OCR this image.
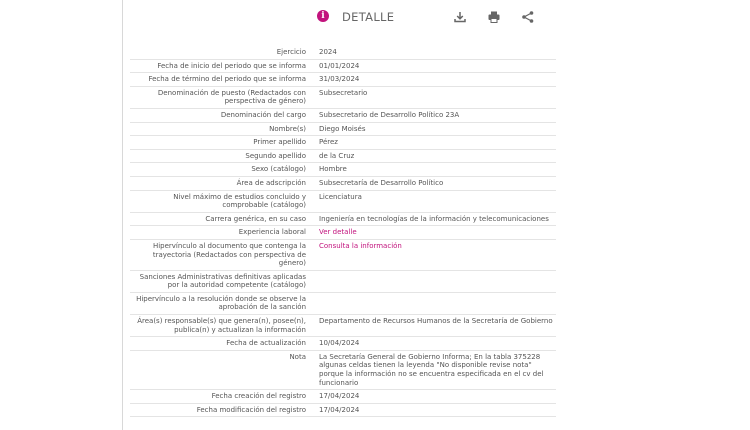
i DETALLE
Ejercicio 2024
Fecha de inicio del periodo que se informa 01/01/2024
Fecha de término del periodo que se informa 31/03/2024
Denominación de puesto (Redactados con perspectiva de género)
Subsecretario
Denominación del cargo Subsecretario de Desarrollo Político 23A
Nombre(s) Diego Moisés
Primer apellido Pérez
Segundo apellido de la Cruz
Sexo (catálogo) Hombre
Área de adscripción Subsecretaría de Desarrollo Político
Nivel máximo de estudios concluido y comprobable (catálogo)
Licenciatura
Carrera genérica, en su caso Ingeniería en tecnologías de la información y telecomunicaciones
Experiencia laboral Ver detalle
Hipervínculo al documento que contenga la trayectoria (Redactados con perspectiva de género)
Consulta la información
Sanciones Administrativas definitivas aplicadas por la autoridad competente (catálogo)
Hipervínculo a la resolución donde se observe la aprobación de la sanción
Área(s) responsable(s) que genera(n), posee(n), publica(n) y actualizan la información
Departamento de Recursos Humanos de la Secretaría de Gobierno
Fecha de actualización 10/04/2024
Nota La Secretaría General de Gobierno Informa; En la tabla 375228 algunas celdas tienen la leyenda "No disponible revise nota" porque la información no se encuentra especificada en el cv del funcionario
Fecha creación del registro 17/04/2024
Fecha modificación del registro 17/04/2024
